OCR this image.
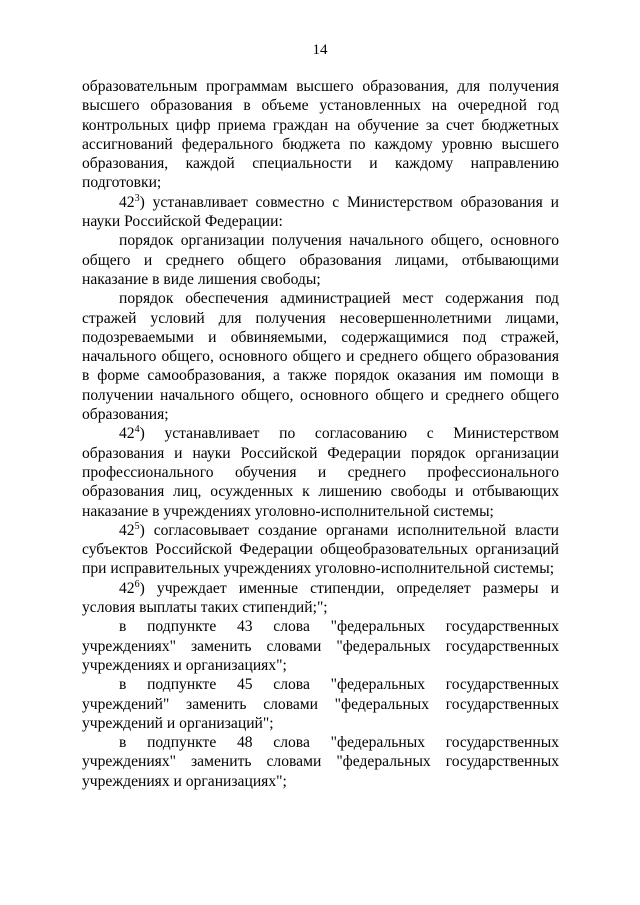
14

образовательным программам высшего образования, для получения высшего образования в объеме установленных на очередной год контрольных цифр приема граждан на обучение за счет бюджетных ассигнований федерального бюджета по каждому уровню высшего образования, каждой специальности и каждому направлению подготовки;

$42^3$) устанавливает совместно с Министерством образования и науки Российской Федерации:

порядок организации получения начального общего, основного общего и среднего общего образования лицами, отбывающими наказание в виде лишения свободы;

порядок обеспечения администрацией мест содержания под стражей условий для получения несовершеннолетними лицами, подозреваемыми и обвиняемыми, содержащимися под стражей, начального общего, основного общего и среднего общего образования в форме самообразования, а также порядок оказания им помощи в получении начального общего, основного общего и среднего общего образования;

$42^4$) устанавливает по согласованию с Министерством образования и науки Российской Федерации порядок организации профессионального обучения и среднего профессионального образования лиц, осужденных к лишению свободы и отбывающих наказание в учреждениях уголовно-исполнительной системы;

$42^5$) согласовывает создание органами исполнительной власти субъектов Российской Федерации общеобразовательных организаций при исправительных учреждениях уголовно-исполнительной системы;

$42^6$) учреждает именные стипендии, определяет размеры и условия выплаты таких стипендий;";

в подпункте 43 слова "федеральных государственных учреждениях" заменить словами "федеральных государственных учреждениях и организациях";

в подпункте 45 слова "федеральных государственных учреждений" заменить словами "федеральных государственных учреждений и организаций";

в подпункте 48 слова "федеральных государственных учреждениях" заменить словами "федеральных государственных учреждениях и организациях";
